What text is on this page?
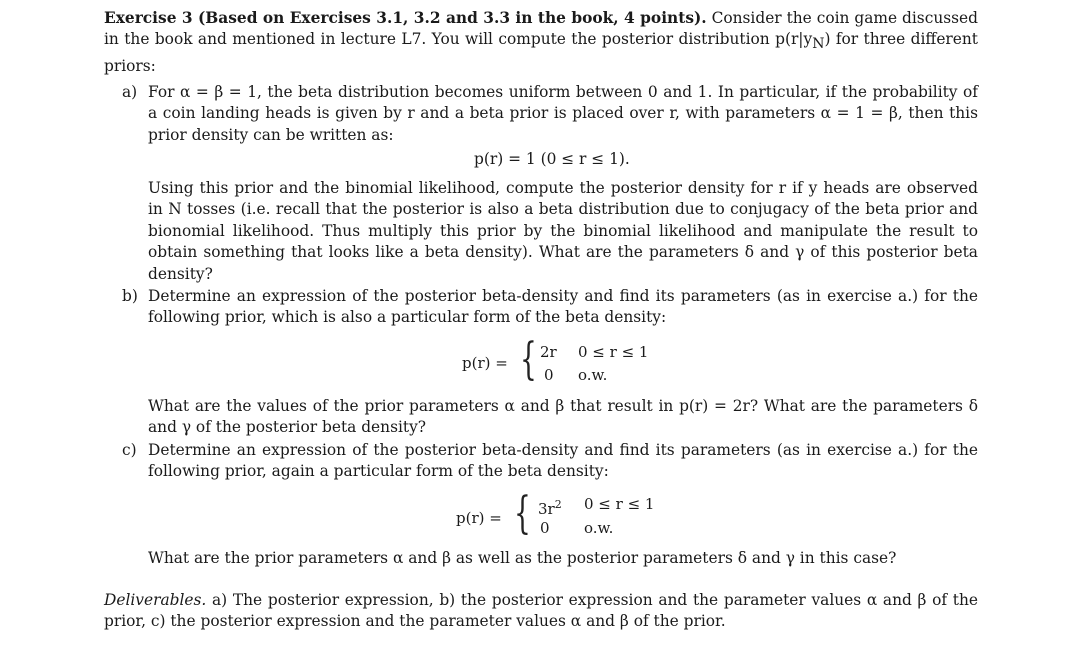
Exercise 3 (Based on Exercises 3.1, 3.2 and 3.3 in the book, 4 points). Consider the coin game discussed in the book and mentioned in lecture L7. You will compute the posterior distribution $p(r|y_N)$ for three different priors:
a) For α = β = 1, the beta distribution becomes uniform between 0 and 1. In particular, if the probability of a coin landing heads is given by r and a beta prior is placed over r, with parameters α = 1 = β, then this prior density can be written as:
p(r) = 1 (0 ≤ r ≤ 1).
Using this prior and the binomial likelihood, compute the posterior density for r if y heads are observed in N tosses (i.e. recall that the posterior is also a beta distribution due to conjugacy of the beta prior and bionomial likelihood. Thus multiply this prior by the binomial likelihood and manipulate the result to obtain something that looks like a beta density). What are the parameters δ and γ of this posterior beta density?
b) Determine an expression of the posterior beta-density and find its parameters (as in exercise a.) for the following prior, which is also a particular form of the beta density:
p(r) = { 2r 0 ≤ r ≤ 1
0 o.w.
What are the values of the prior parameters α and β that result in p(r) = 2r? What are the parameters δ and γ of the posterior beta density?
c) Determine an expression of the posterior beta-density and find its parameters (as in exercise a.) for the following prior, again a particular form of the beta density:
p(r) = { $3r^2$ 0 ≤ r ≤ 1
0 o.w.
What are the prior parameters α and β as well as the posterior parameters δ and γ in this case?
Deliverables. a) The posterior expression, b) the posterior expression and the parameter values α and β of the prior, c) the posterior expression and the parameter values α and β of the prior.
